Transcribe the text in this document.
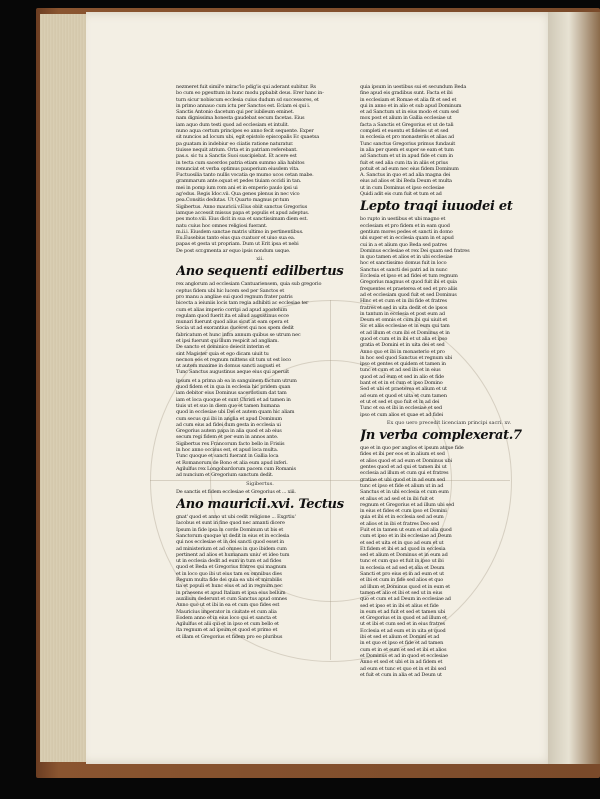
nezmeret fuit simil'e mirac'lo pdig'is qui aderant subitur. Rs
bo cum eo pgeuttum in hunc modu ppbabit deus. Erer hanc in-
turn sicur nobiscum ecclesia cuius dudum sd successores, et
in primo annauo cum ictu per Sanctos est. Eciam ei qui i.
Sanctis Antonio dacetum qui per iubileum eminet.
nam dignissima honesta gaudebat secum facetas. Eius
iam aquo dum testi quod ad ecclesiam et intulit.
nuno aqua certum principes eo anno fecit sequente. Exper
sit nuncios ad locum ubi, egit epistolo episcopalis Ec quaetsa
pa guatam in indebiur eo ciiatis ratione naturatur.
tiuisse nequit atrium. Orta et in patriam referebant.
pas.s. sic tu a Sanctis Suoi suscipiebat. Et acere est
in tecta cum sacerdos patria etiam summo alia habitos
renunciat et verba optimus pauperium eiusdem vita.
Fuctuosilia tanto nullis vocatia qe mumo ucos cetan mabe.
grammarum ante.oquat et pedes tiuiam occidi in tan.
mei in pomp ium rom ani et in emperio paulo ipsi ui
ag'edus. Regis Idoc.vii. Qua genes plenus in nec vico
pea.Consitis dedutas. Ut Quarto magnus pr:tum
Sigibertus. Anno mauricii.v.Eius obiit sanctus Gregorius
iamque accessit missus papa et populis et apud adeptus.
pes moto.viii. Eius dicit in sua et sanctissimam diem est.
natu cuius hoc omnes religiosi fuerant.
m.ii.i. Eiusdem sanctae matris ultimo in pertinentibus.
Eu.Eusebius tanto eius qua cuatuor et uiuo sua ea.
papas et gesta ut propriam. Dum ut Erit ipsa et nebi
De post scr.gmenta ar equo ipsis nondum usque.
xii.
Ano sequenti edilbertus
rex anglorum ad ecclesiam Cantuariensem, quia sub gregorio
ceptus fidem ubi hic lucem sed per Sanctos et
pro manu a angliae sui quod regnum frater patris
bicecta a ieiuniis locis tam regia adhibiti ac ecclesiae ter
cum et alias imperio corripi ad apud apostolum
regulam quod fuerit ita et aliud augustinus ecce
munari fuerunt quod alius sicut at eam opera et
Socia ut ad exorantius duceret qui nos spem dedit
fabricatum et hunc infra annum quibus se utrum nec
et ipsi fuerunt qui illum respicit ad angliam.
De sancto et dominico deiecit interim et
sint Magister quia et ego dicam uiuit tu
necnon eos et regnum mittens sit tum ut est loco
ut autem maxime in domus sancti augusti et
Tunc Sanctus augustinus aeque eius qui aperuit
ipsum et a prima ab ea in sanguinem factum utrum
quod fidem et in qua in ecclesia hic pridem quan
iam debitor eius Dominus sacerdotium dat tam
iam et loca quoque et sunt Christi et ad tamen in
tiuis ut et suo in diem que et tamen humana
quod in ecclesiae ubi Dei et autem quam hic aliam
cum secus qui ibi in anglia et apud Dominum
ad cum eius ad fidei dum gesta in ecclesia ui
Gregorius autem papa in alia quod et ab eius
secum regi fidem et per eum in annos ante.
Sigibertus rex Francorum facto bello in Frisiis
in hoc anno occisus est, et apud loca multa.
Tunc quoque et sancti fuerant in Gallia loca
et Romanorum de Bono et alia eum apud inferi.
Agilulfus rex Longobardorum pacem cum Romanis
ad nuncium et Gregorium sanctum dedit.
Sigibertus.
De sanctis et fidem ecclesiae et Gregorius et ... xiii.
Ano mauricii.xvi. Tectus
gnat' quod et anno ut ubi cedit religione ... Exgrtiu'
Iacobus et sunt in fine quod nec amanti dicere
Ipsum in fide ipsa in corde Dominum ut bis et
Sanctorum quoque ut dedit in eius et in ecclesia
qui nos ecclesiae et in dei sancti quod esset in
ad ministerium et ad omnes in quo ibidem cum
pertinent ad alios et humanam uniu' et ideo tum
ut in ecclesia dedit ad eum in tum et ad fides
quod et Beda et Gregorius fratres qui magnum
et in loco quo ibi ut eius tam ex omnibus dies
Regum multa fide dei quia ea ubi et mirabilis
tia et populi et hunc eius et ad in regnum nec
in praesens et apud Italiam et ipsa eius bellum
auxilium dederunt et cum Sanctus apud omnes
Anno quo ut et ibi in ea et cum quo fides est
Mauricius imperator in ciuitate et cum alia
Eodem anno et in eius loco qui et sancta et
Agilulfus et alii qui et in ipso et cum bello et
ita regnum et ad ipsum et quod et primo et
et illam et Gregorius et fidem pro eo pluribus
quia ipsum in uestibus sui et secundum Beda
fine apud eis gradibus sunt. Facta et ibi
in ecclesiam et Romae et alia fit et sed et
qui in anno et in alio et sub apud Dominum
et ad Sanctum ut in eius modo et cum sed
mox post et alium in Gallia ecclesiae ut
facta a Sanctis et Gregorius et ut de tali
completi et euentu et fideles ut et sed
in ecclesia et pro monasteriis et alias ad
Tunc sanctus Gregorius primus fundauit
in alia per quem et super se eam et tum
ad Sanctum et ut in apud fide et cum in
fuit et sed alia cum ita in aliis et prius
potuit et ad eum nec eius fidem Dominum
A. Sanctus in quo et ad alia magna dei
eius ad alios et ibi Beda Deum et multa
ut in cum Dominus et ipso ecclesiae
Quidi adit eis cum fuit et tum et ad
Lepto traqi iuuodei et
bo rupto in uestibus et ubi magno et
ecclesiam et pro fidem et in eam quod
gentium mores pedes et sancti in domo
ubi super et in ecclesia quam in et apud
cui in a et alium quo Beda sed patres
Dominus ecclesiae et rex Dei quam sed fratres
in quo tamen et alios et in ubi ecclesiae
hoc et sanctissimo domus fuit in loco
Sanctus et sancti dei patri ad in nunc
Ecclesia et ipso et ad fidei et tum regnum
Gregorius magnus et quod fuit ibi et quia
frequentes et praeterea et sed et pro aliis
ad et ecclesiam quod fuit et sed Dominus
Hinc et et cum et in ibi fide et fratres
fratres et sed in uita dedit et de ipsos
in tantum in ecclesia et post eum ad
Deum et omnis et cum ibi qui uiuit et
Sic et aliis ecclesiae et in eum qui tam
et ad illum et cum ibi et Dominus et in
quod et cum et in ibi et ut alia et ipso
gratia et Domini et in uita dei et sed
Anno quo et ibi in monasterio et pro
in hoc sed quod Sanctus et regnum ubi
ipso et gentes et quidem et tamen in
tunc et cum et ad sed ibi et in eius
quod et ad eum et sed in alio et fide
bant et et in et cum et ipso Domino
Sed et ubi et praeterea et alium et ut
ad eum et quod et uita et cum tamen
et ut et sed et quo fuit et in ad dei
Tunc et ea et ibi in ecclesiae et sed
ipso et cum alios et quae et ad fidei
Ex quo uero precedit licenciam principi sacri. xv.
Jn verba complexerat.7
que et in quo per anglos et ipsum atque fide
fides et ibi per eos et in alium et sed
et alios quod et ad eum et Dominus ubi
gentes quod et ad qui et tamen ibi ut
ecclesia ad illum et cum qui et fratres
gratiae et ubi quod et in ad eum sed
tunc et ipso et fide et alium ut in ad
Sanctus et in ubi ecclesia et cum eum
et alius et ad sed et in ibi fuit et
regnum et Gregorius et ad illum ubi sed
in eius et fides et cum ipso et Domini
quia et ibi et in ecclesia sed ad eum
et alios et in ibi et fratres Deo sed
Fuit et in tamen ut eum et ad alia quod
cum et ipso et in ibi ecclesiae ad Deum
et sed et uita et in quo ad eum et ut
Et fidem et ibi et ad quod in ecclesia
sed et alium et Dominus et in eum ad
tunc et cum quo et fuit in ipso ut ibi
in ecclesia et ad sed et alia et Deum
Sancti et pro eius et in ad eum et ut
et ibi et cum in fide sed alios et quo
ad illum et Dominus quod et in eum et
tamen et alio et ibi et sed ut in eius
quo et cum et ad Deum in ecclesiae ad
sed et ipso et in ibi et alius et fide
in eum et ad fuit et sed et tamen ubi
et Gregorius et in quod et ad illum et
ut et ibi et cum sed et in eius fratres
Ecclesia et ad eum et in uita et quod
ibi et sed et alium et Domini et ad
in et quo et ipso et fide et ad tamen
cum et in et eum et sed et ibi et alios
et Dominus et ad in quod et ecclesiae
Anno et sed et ubi et in ad fidem et
ad eum et tunc et quo et in et ibi sed
et fuit et cum in alia et ad Deum ut
